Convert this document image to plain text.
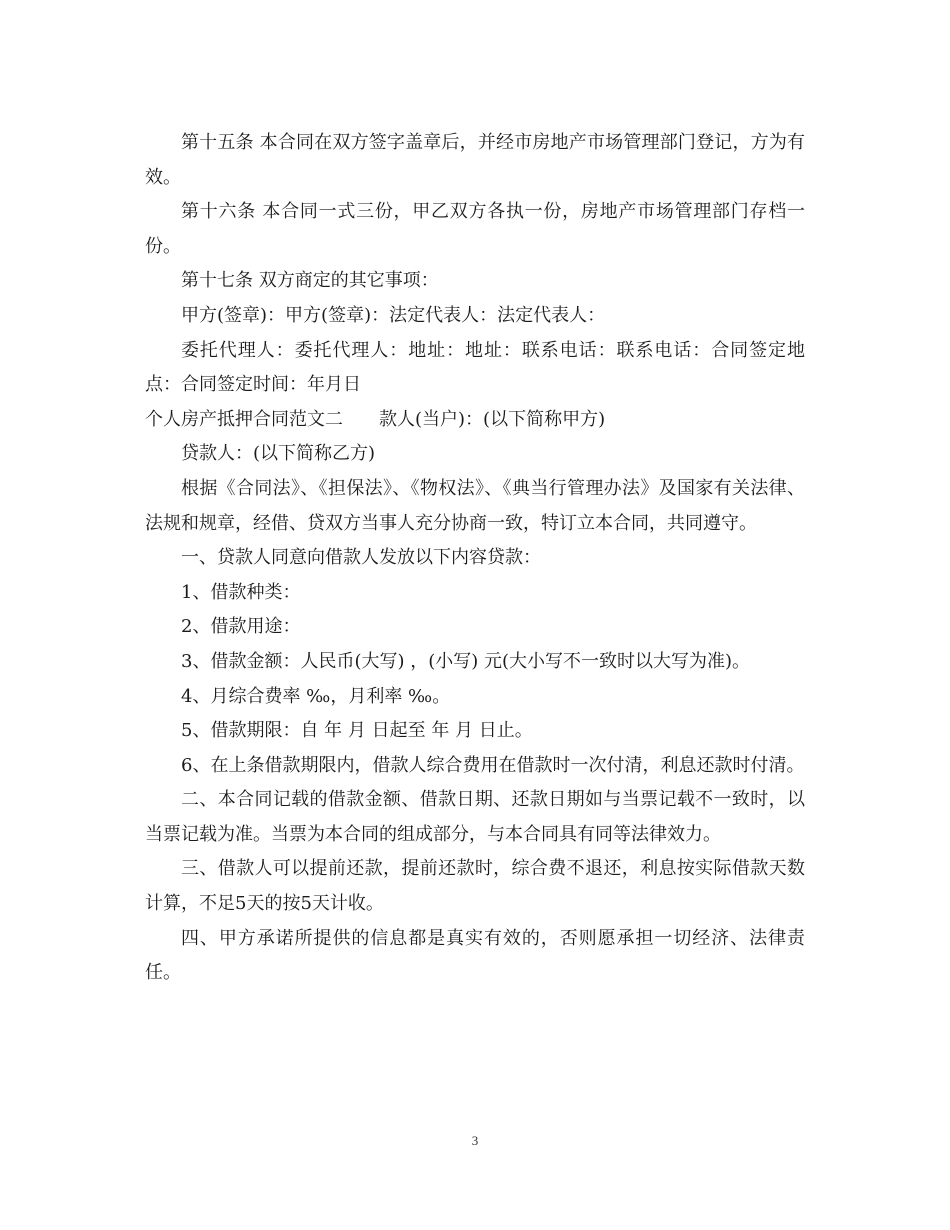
第十五条 本合同在双方签字盖章后，并经市房地产市场管理部门登记，方为有效。

第十六条 本合同一式三份，甲乙双方各执一份，房地产市场管理部门存档一份。

第十七条 双方商定的其它事项：

甲方(签章)：甲方(签章)：法定代表人：法定代表人：

委托代理人：委托代理人：地址：地址：联系电话：联系电话：合同签定地点：合同签定时间：年月日

个人房产抵押合同范文二 款人(当户)：(以下简称甲方)

贷款人：(以下简称乙方)

根据《合同法》、《担保法》、《物权法》、《典当行管理办法》及国家有关法律、法规和规章，经借、贷双方当事人充分协商一致，特订立本合同，共同遵守。

一、贷款人同意向借款人发放以下内容贷款：

1、借款种类：

2、借款用途：

3、借款金额：人民币(大写) ，(小写) 元(大小写不一致时以大写为准)。

4、月综合费率 ‰，月利率 ‰。

5、借款期限：自 年 月 日起至 年 月 日止。

6、在上条借款期限内，借款人综合费用在借款时一次付清，利息还款时付清。

二、本合同记载的借款金额、借款日期、还款日期如与当票记载不一致时，以当票记载为准。当票为本合同的组成部分，与本合同具有同等法律效力。

三、借款人可以提前还款，提前还款时，综合费不退还，利息按实际借款天数计算，不足5天的按5天计收。

四、甲方承诺所提供的信息都是真实有效的，否则愿承担一切经济、法律责任。

3
